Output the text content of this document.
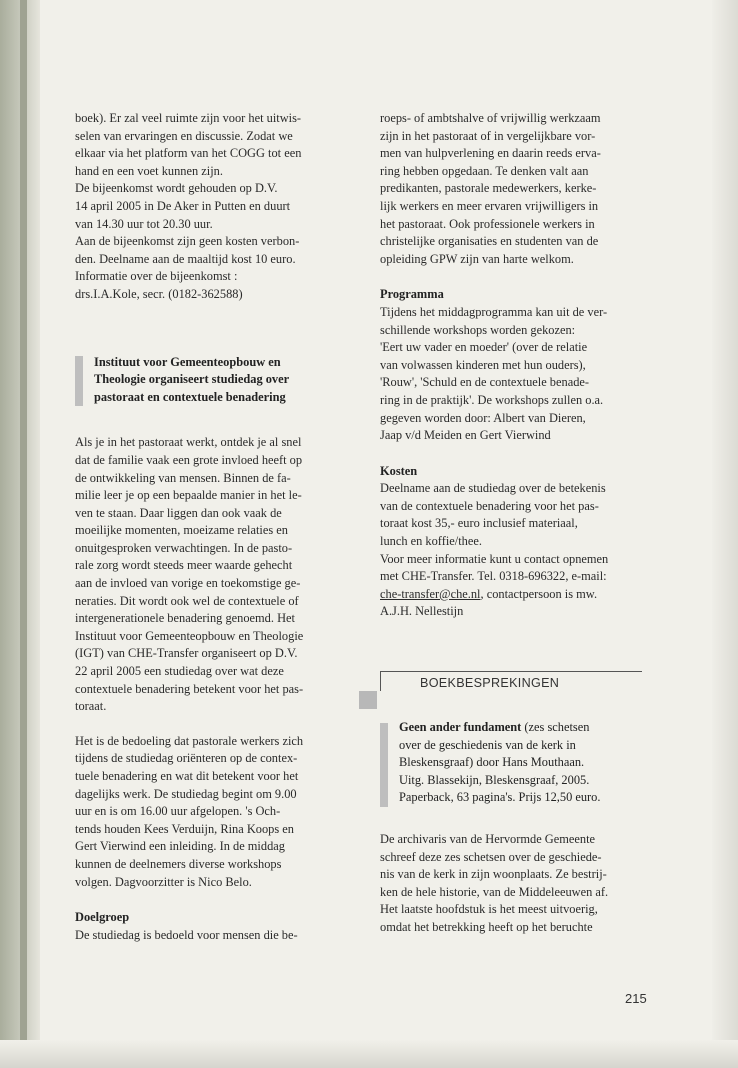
boek). Er zal veel ruimte zijn voor het uitwis-

selen van ervaringen en discussie. Zodat we

elkaar via het platform van het COGG tot een

hand en een voet kunnen zijn.

De bijeenkomst wordt gehouden op D.V.

14 april 2005 in De Aker in Putten en duurt

van 14.30 uur tot 20.30 uur.

Aan de bijeenkomst zijn geen kosten verbon-

den. Deelname aan de maaltijd kost 10 euro.

Informatie over de bijeenkomst :

drs.I.A.Kole, secr. (0182-362588)

Instituut voor Gemeenteopbouw en

Theologie organiseert studiedag over

pastoraat en contextuele benadering

Als je in het pastoraat werkt, ontdek je al snel

dat de familie vaak een grote invloed heeft op

de ontwikkeling van mensen. Binnen de fa-

milie leer je op een bepaalde manier in het le-

ven te staan. Daar liggen dan ook vaak de

moeilijke momenten, moeizame relaties en

onuitgesproken verwachtingen. In de pasto-

rale zorg wordt steeds meer waarde gehecht

aan de invloed van vorige en toekomstige ge-

neraties. Dit wordt ook wel de contextuele of

intergenerationele benadering genoemd. Het

Instituut voor Gemeenteopbouw en Theologie

(IGT) van CHE-Transfer organiseert op D.V.

22 april 2005 een studiedag over wat deze

contextuele benadering betekent voor het pas-

toraat.

Het is de bedoeling dat pastorale werkers zich

tijdens de studiedag oriënteren op de contex-

tuele benadering en wat dit betekent voor het

dagelijks werk. De studiedag begint om 9.00

uur en is om 16.00 uur afgelopen. 's Och-

tends houden Kees Verduijn, Rina Koops en

Gert Vierwind een inleiding. In de middag

kunnen de deelnemers diverse workshops

volgen. Dagvoorzitter is Nico Belo.

Doelgroep

De studiedag is bedoeld voor mensen die be-

roeps- of ambtshalve of vrijwillig werkzaam

zijn in het pastoraat of in vergelijkbare vor-

men van hulpverlening en daarin reeds erva-

ring hebben opgedaan. Te denken valt aan

predikanten, pastorale medewerkers, kerke-

lijk werkers en meer ervaren vrijwilligers in

het pastoraat. Ook professionele werkers in

christelijke organisaties en studenten van de

opleiding GPW zijn van harte welkom.

Programma

Tijdens het middagprogramma kan uit de ver-

schillende workshops worden gekozen:

'Eert uw vader en moeder' (over de relatie

van volwassen kinderen met hun ouders),

'Rouw', 'Schuld en de contextuele benade-

ring in de praktijk'. De workshops zullen o.a.

gegeven worden door: Albert van Dieren,

Jaap v/d Meiden en Gert Vierwind

Kosten

Deelname aan de studiedag over de betekenis

van de contextuele benadering voor het pas-

toraat kost 35,- euro inclusief materiaal,

lunch en koffie/thee.

Voor meer informatie kunt u contact opnemen

met CHE-Transfer. Tel. 0318-696322, e-mail:

che-transfer@che.nl, contactpersoon is mw.

A.J.H. Nellestijn

BOEKBESPREKINGEN

Geen ander fundament (zes schetsen

over de geschiedenis van de kerk in

Bleskensgraaf) door Hans Mouthaan.

Uitg. Blassekijn, Bleskensgraaf, 2005.

Paperback, 63 pagina's. Prijs 12,50 euro.

De archivaris van de Hervormde Gemeente

schreef deze zes schetsen over de geschiede-

nis van de kerk in zijn woonplaats. Ze bestrij-

ken de hele historie, van de Middeleeuwen af.

Het laatste hoofdstuk is het meest uitvoerig,

omdat het betrekking heeft op het beruchte

215
